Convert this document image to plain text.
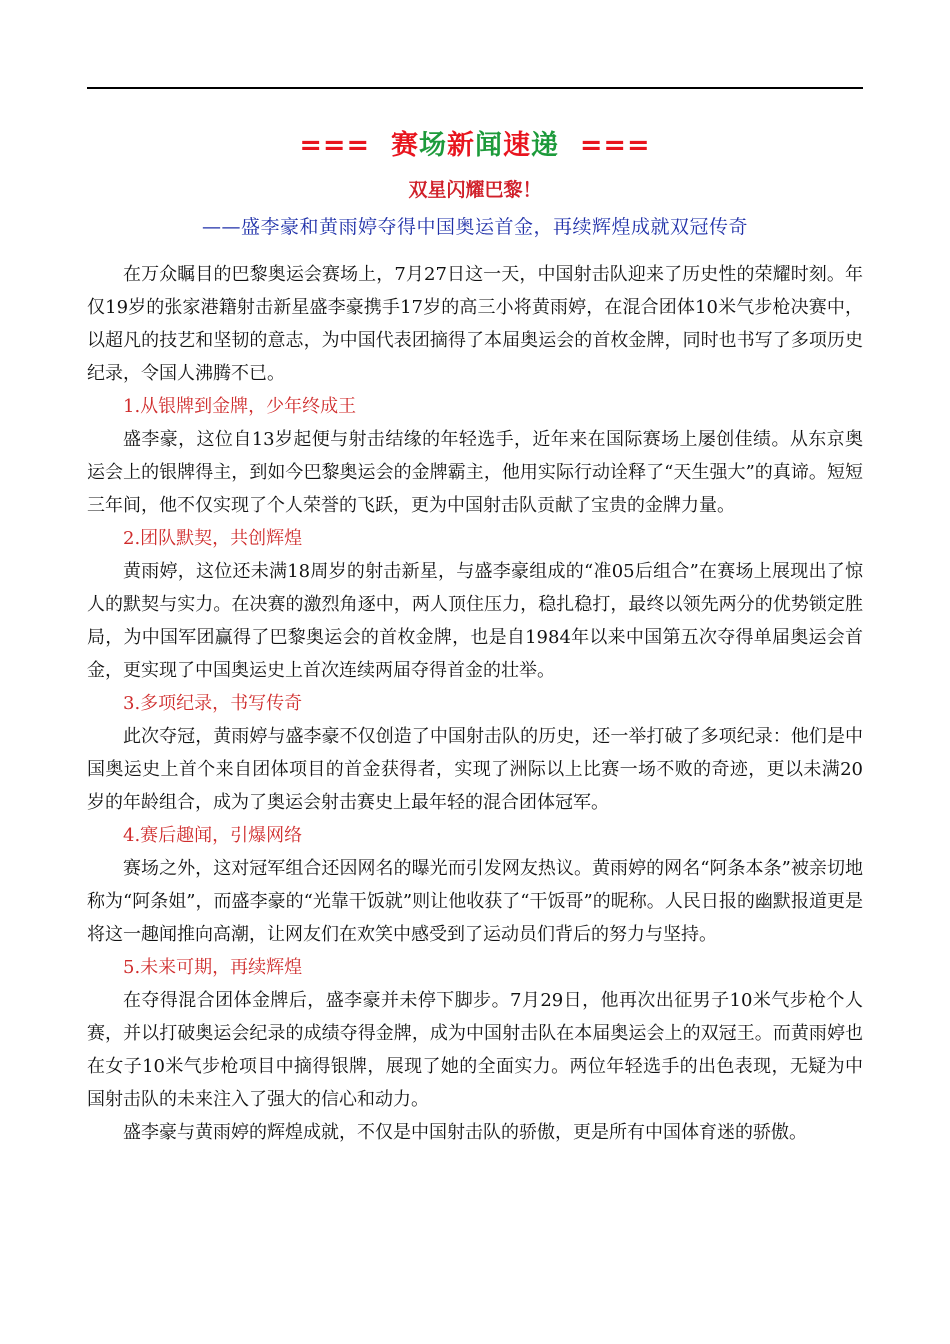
=== 赛场新闻速递 ===
双星闪耀巴黎！
——盛李豪和黄雨婷夺得中国奥运首金，再续辉煌成就双冠传奇

在万众瞩目的巴黎奥运会赛场上，7月27日这一天，中国射击队迎来了历史性的荣耀时刻。年仅19岁的张家港籍射击新星盛李豪携手17岁的高三小将黄雨婷，在混合团体10米气步枪决赛中，以超凡的技艺和坚韧的意志，为中国代表团摘得了本届奥运会的首枚金牌，同时也书写了多项历史纪录，令国人沸腾不已。

1.从银牌到金牌，少年终成王

盛李豪，这位自13岁起便与射击结缘的年轻选手，近年来在国际赛场上屡创佳绩。从东京奥运会上的银牌得主，到如今巴黎奥运会的金牌霸主，他用实际行动诠释了“天生强大”的真谛。短短三年间，他不仅实现了个人荣誉的飞跃，更为中国射击队贡献了宝贵的金牌力量。

2.团队默契，共创辉煌

黄雨婷，这位还未满18周岁的射击新星，与盛李豪组成的“准05后组合”在赛场上展现出了惊人的默契与实力。在决赛的激烈角逐中，两人顶住压力，稳扎稳打，最终以领先两分的优势锁定胜局，为中国军团赢得了巴黎奥运会的首枚金牌，也是自1984年以来中国第五次夺得单届奥运会首金，更实现了中国奥运史上首次连续两届夺得首金的壮举。

3.多项纪录，书写传奇

此次夺冠，黄雨婷与盛李豪不仅创造了中国射击队的历史，还一举打破了多项纪录：他们是中国奥运史上首个来自团体项目的首金获得者，实现了洲际以上比赛一场不败的奇迹，更以未满20岁的年龄组合，成为了奥运会射击赛史上最年轻的混合团体冠军。

4.赛后趣闻，引爆网络

赛场之外，这对冠军组合还因网名的曝光而引发网友热议。黄雨婷的网名“阿条本条”被亲切地称为“阿条姐”，而盛李豪的“光靠干饭就”则让他收获了“干饭哥”的昵称。人民日报的幽默报道更是将这一趣闻推向高潮，让网友们在欢笑中感受到了运动员们背后的努力与坚持。

5.未来可期，再续辉煌

在夺得混合团体金牌后，盛李豪并未停下脚步。7月29日，他再次出征男子10米气步枪个人赛，并以打破奥运会纪录的成绩夺得金牌，成为中国射击队在本届奥运会上的双冠王。而黄雨婷也在女子10米气步枪项目中摘得银牌，展现了她的全面实力。两位年轻选手的出色表现，无疑为中国射击队的未来注入了强大的信心和动力。

盛李豪与黄雨婷的辉煌成就，不仅是中国射击队的骄傲，更是所有中国体育迷的骄傲。
